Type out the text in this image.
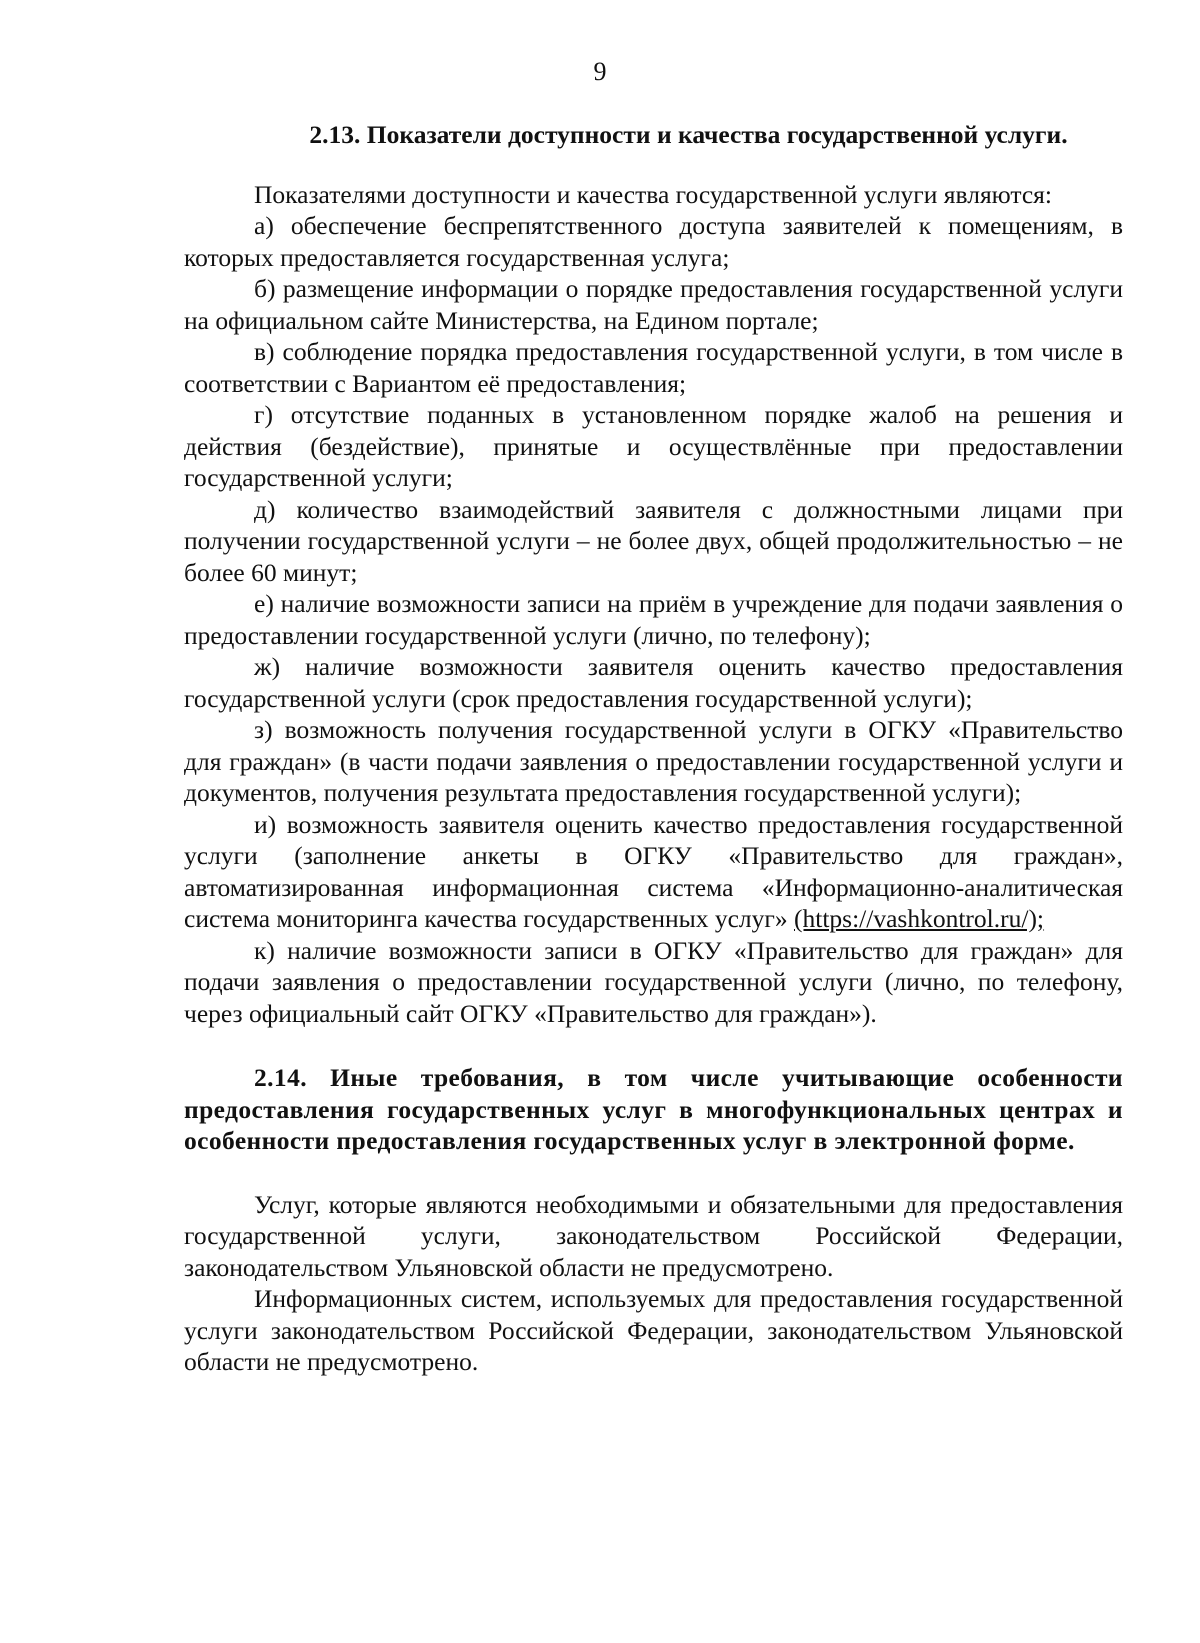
9
2.13. Показатели доступности и качества государственной услуги.

Показателями доступности и качества государственной услуги являются:

а) обеспечение беспрепятственного доступа заявителей к помещениям, в которых предоставляется государственная услуга;

б) размещение информации о порядке предоставления государственной услуги на официальном сайте Министерства, на Едином портале;

в) соблюдение порядка предоставления государственной услуги, в том числе в соответствии с Вариантом её предоставления;

г) отсутствие поданных в установленном порядке жалоб на решения и действия (бездействие), принятые и осуществлённые при предоставлении государственной услуги;

д) количество взаимодействий заявителя с должностными лицами при получении государственной услуги – не более двух, общей продолжительностью – не более 60 минут;

е) наличие возможности записи на приём в учреждение для подачи заявления о предоставлении государственной услуги (лично, по телефону);

ж) наличие возможности заявителя оценить качество предоставления государственной услуги (срок предоставления государственной услуги);

з) возможность получения государственной услуги в ОГКУ «Правительство для граждан» (в части подачи заявления о предоставлении государственной услуги и документов, получения результата предоставления государственной услуги);

и) возможность заявителя оценить качество предоставления государственной услуги (заполнение анкеты в ОГКУ «Правительство для граждан», автоматизированная информационная система «Информационно-аналитическая система мониторинга качества государственных услуг» (https://vashkontrol.ru/);

к) наличие возможности записи в ОГКУ «Правительство для граждан» для подачи заявления о предоставлении государственной услуги (лично, по телефону, через официальный сайт ОГКУ «Правительство для граждан»).

2.14. Иные требования, в том числе учитывающие особенности предоставления государственных услуг в многофункциональных центрах и особенности предоставления государственных услуг в электронной форме.

Услуг, которые являются необходимыми и обязательными для предоставления государственной услуги, законодательством Российской Федерации, законодательством Ульяновской области не предусмотрено.

Информационных систем, используемых для предоставления государственной услуги законодательством Российской Федерации, законодательством Ульяновской области не предусмотрено.
